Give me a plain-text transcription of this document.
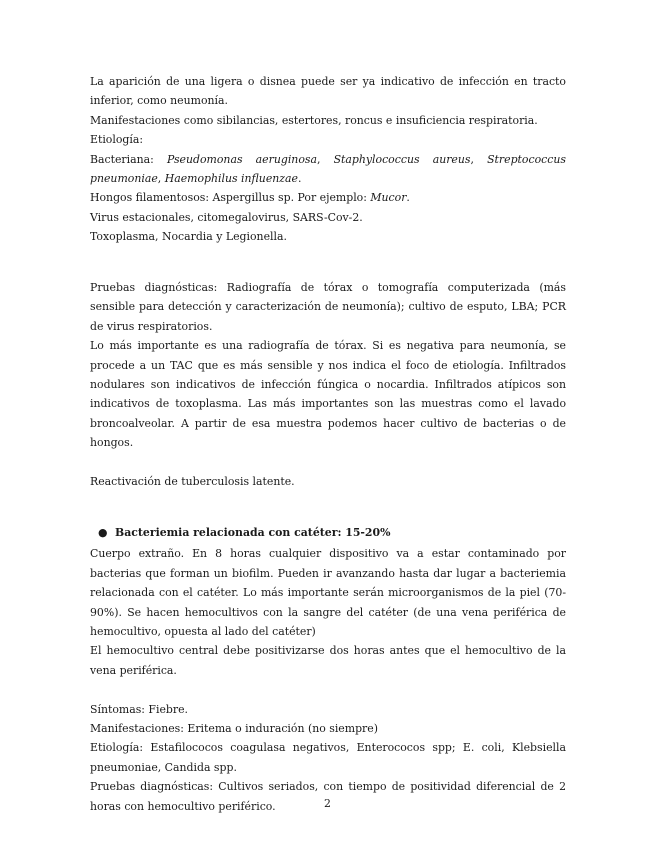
La aparición de una ligera o disnea puede ser ya indicativo de infección en tracto inferior, como neumonía.

Manifestaciones como sibilancias, estertores, roncus e insuficiencia respiratoria.

Etiología:

Bacteriana: Pseudomonas aeruginosa, Staphylococcus aureus, Streptococcus pneumoniae, Haemophilus influenzae.

Hongos filamentosos: Aspergillus sp. Por ejemplo: Mucor.

Virus estacionales, citomegalovirus, SARS-Cov-2.

Toxoplasma, Nocardia y Legionella.

Pruebas diagnósticas: Radiografía de tórax o tomografía computerizada (más sensible para detección y caracterización de neumonía); cultivo de esputo, LBA; PCR de virus respiratorios.

Lo más importante es una radiografía de tórax. Si es negativa para neumonía, se procede a un TAC que es más sensible y nos indica el foco de etiología. Infiltrados nodulares son indicativos de infección fúngica o nocardia. Infiltrados atípicos son indicativos de toxoplasma. Las más importantes son las muestras como el lavado broncoalveolar. A partir de esa muestra podemos hacer cultivo de bacterias o de hongos.

Reactivación de tuberculosis latente.

● Bacteriemia relacionada con catéter: 15-20%

Cuerpo extraño. En 8 horas cualquier dispositivo va a estar contaminado por bacterias que forman un biofilm. Pueden ir avanzando hasta dar lugar a bacteriemia relacionada con el catéter. Lo más importante serán microorganismos de la piel (70-90%). Se hacen hemocultivos con la sangre del catéter (de una vena periférica de hemocultivo, opuesta al lado del catéter)

El hemocultivo central debe positivizarse dos horas antes que el hemocultivo de la vena periférica.

Síntomas: Fiebre.

Manifestaciones: Eritema o induración (no siempre)

Etiología: Estafilococos coagulasa negativos, Enterococos spp; E. coli, Klebsiella pneumoniae, Candida spp.

Pruebas diagnósticas: Cultivos seriados, con tiempo de positividad diferencial de 2 horas con hemocultivo periférico.	2
